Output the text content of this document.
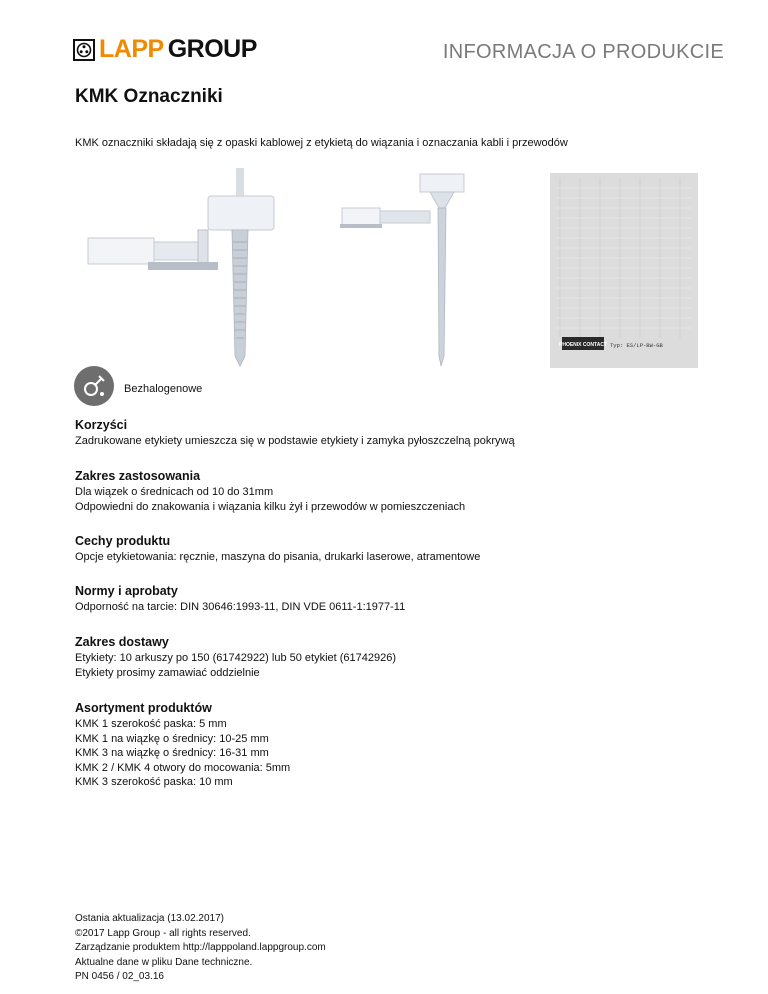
LAPP GROUP	INFORMACJA O PRODUKCIE
KMK Oznaczniki
KMK oznaczniki składają się z opaski kablowej z etykietą do wiązania i oznaczania kabli i przewodów
PHOENIX CONTACT Typ: ES/LP-BW-GB
Bezhalogenowe
Korzyści

Zadrukowane etykiety umieszcza się w podstawie etykiety i zamyka pyłoszczelną pokrywą

Zakres zastosowania

Dla wiązek o średnicach od 10 do 31mm

Odpowiedni do znakowania i wiązania kilku żył i przewodów w pomieszczeniach

Cechy produktu

Opcje etykietowania: ręcznie, maszyna do pisania, drukarki laserowe, atramentowe

Normy i aprobaty

Odporność na tarcie: DIN 30646:1993-11, DIN VDE 0611-1:1977-11

Zakres dostawy

Etykiety: 10 arkuszy po 150 (61742922) lub 50 etykiet (61742926)

Etykiety prosimy zamawiać oddzielnie

Asortyment produktów

KMK 1 szerokość paska: 5 mm

KMK 1 na wiązkę o średnicy: 10-25 mm

KMK 3 na wiązkę o średnicy: 16-31 mm

KMK 2 / KMK 4 otwory do mocowania: 5mm

KMK 3 szerokość paska: 10 mm

Ostania aktualizacja (13.02.2017)
©2017 Lapp Group - all rights reserved.
Zarządzanie produktem http://lapppoland.lappgroup.com
Aktualne dane w pliku Dane techniczne.
PN 0456 / 02_03.16
